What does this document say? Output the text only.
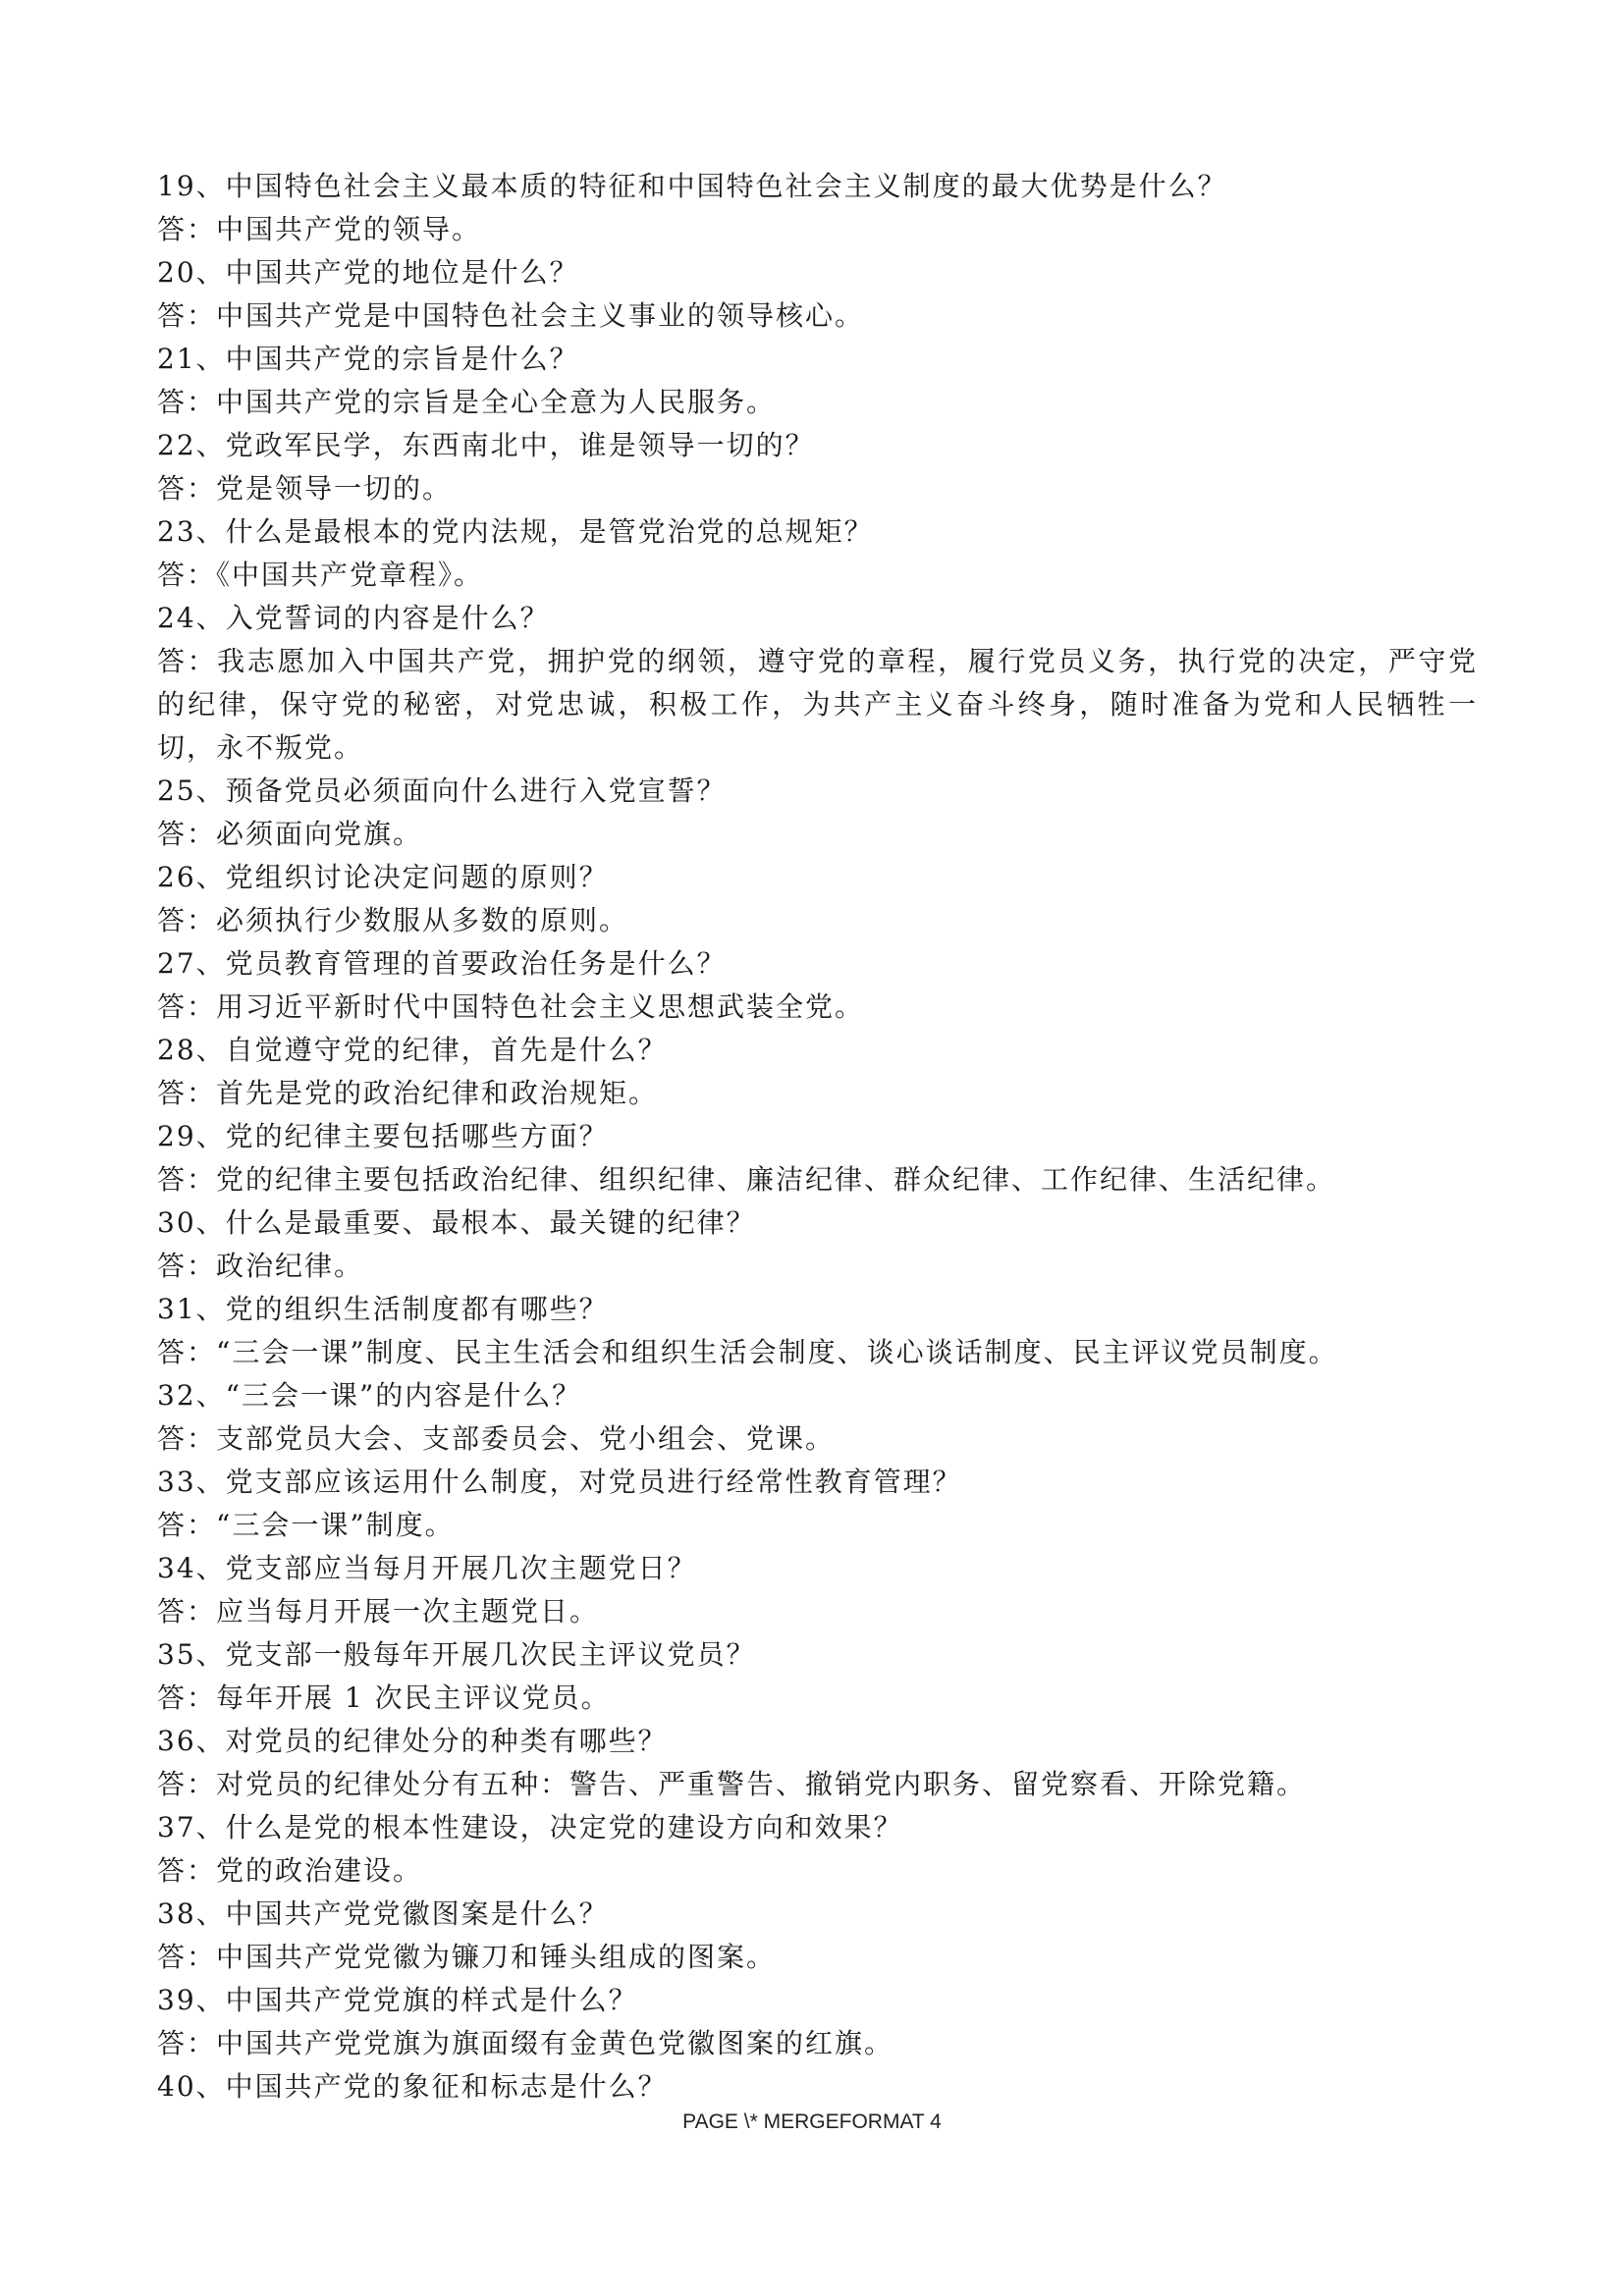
19、中国特色社会主义最本质的特征和中国特色社会主义制度的最大优势是什么？

答：中国共产党的领导。

20、中国共产党的地位是什么？

答：中国共产党是中国特色社会主义事业的领导核心。

21、中国共产党的宗旨是什么？

答：中国共产党的宗旨是全心全意为人民服务。

22、党政军民学，东西南北中，谁是领导一切的？

答：党是领导一切的。

23、什么是最根本的党内法规，是管党治党的总规矩？

答：《中国共产党章程》。

24、入党誓词的内容是什么？

答：我志愿加入中国共产党，拥护党的纲领，遵守党的章程，履行党员义务，执行党的决定，严守党的纪律，保守党的秘密，对党忠诚，积极工作，为共产主义奋斗终身，随时准备为党和人民牺牲一切，永不叛党。

25、预备党员必须面向什么进行入党宣誓？

答：必须面向党旗。

26、党组织讨论决定问题的原则？

答：必须执行少数服从多数的原则。

27、党员教育管理的首要政治任务是什么？

答：用习近平新时代中国特色社会主义思想武装全党。

28、自觉遵守党的纪律，首先是什么？

答：首先是党的政治纪律和政治规矩。

29、党的纪律主要包括哪些方面？

答：党的纪律主要包括政治纪律、组织纪律、廉洁纪律、群众纪律、工作纪律、生活纪律。

30、什么是最重要、最根本、最关键的纪律？

答：政治纪律。

31、党的组织生活制度都有哪些？

答：“三会一课”制度、民主生活会和组织生活会制度、谈心谈话制度、民主评议党员制度。

32、“三会一课”的内容是什么？

答：支部党员大会、支部委员会、党小组会、党课。

33、党支部应该运用什么制度，对党员进行经常性教育管理？

答：“三会一课”制度。

34、党支部应当每月开展几次主题党日？

答：应当每月开展一次主题党日。

35、党支部一般每年开展几次民主评议党员？

答：每年开展 1 次民主评议党员。

36、对党员的纪律处分的种类有哪些？

答：对党员的纪律处分有五种：警告、严重警告、撤销党内职务、留党察看、开除党籍。

37、什么是党的根本性建设，决定党的建设方向和效果？

答：党的政治建设。

38、中国共产党党徽图案是什么？

答：中国共产党党徽为镰刀和锤头组成的图案。

39、中国共产党党旗的样式是什么？

答：中国共产党党旗为旗面缀有金黄色党徽图案的红旗。

40、中国共产党的象征和标志是什么？

PAGE \* MERGEFORMAT 4
